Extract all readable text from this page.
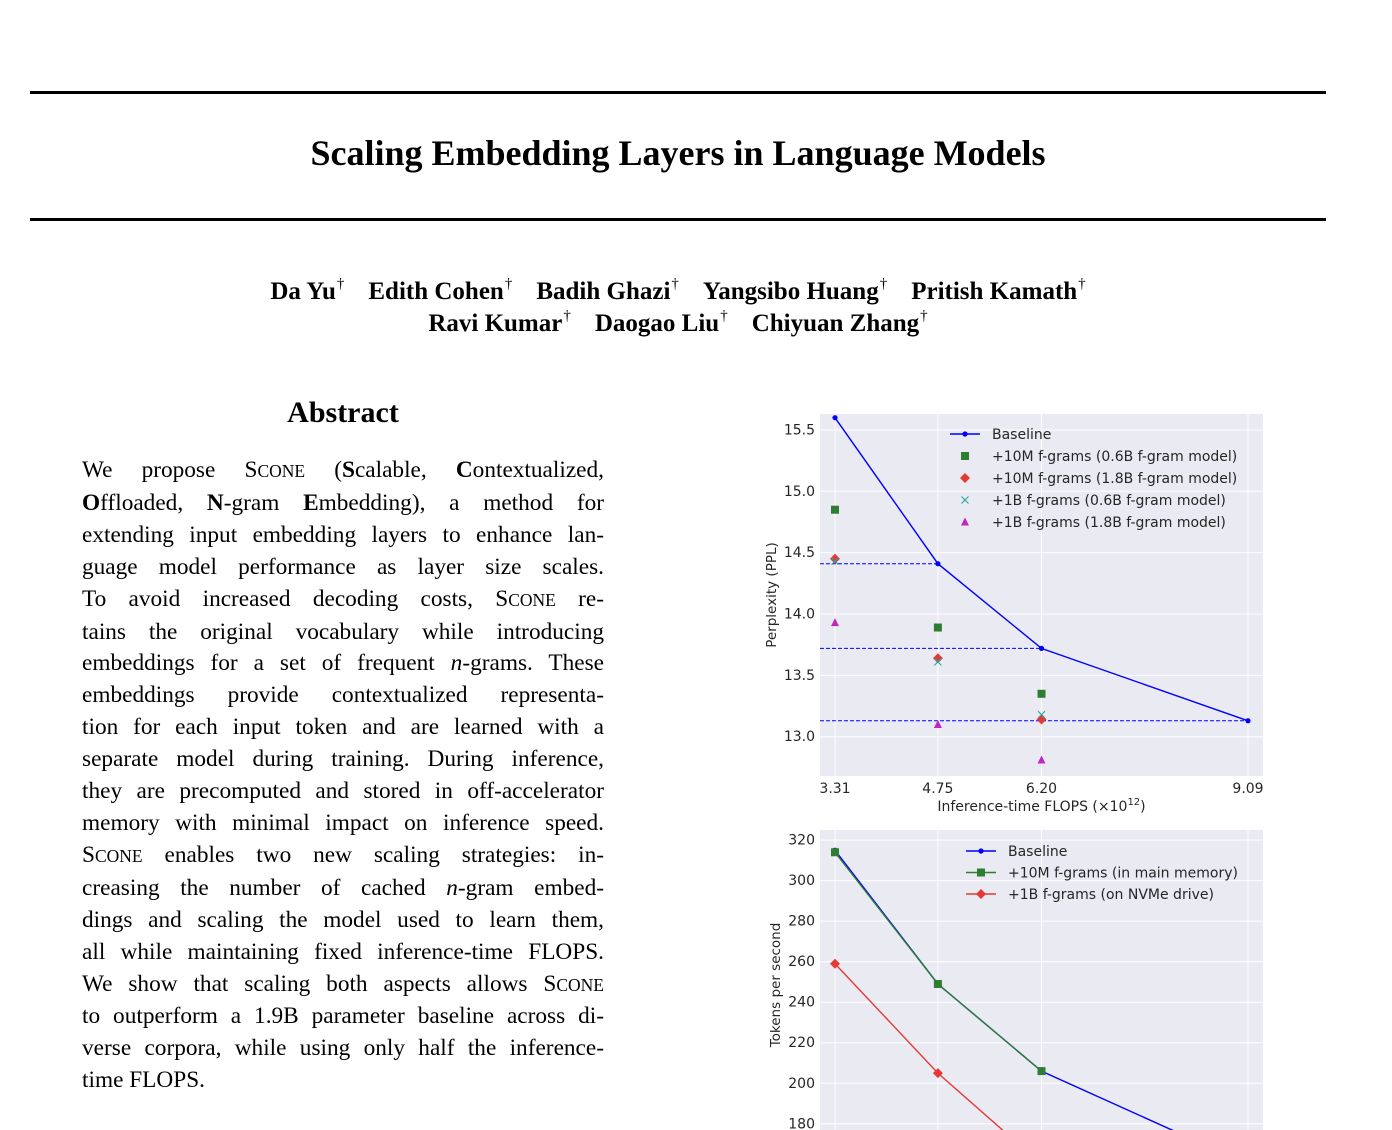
Scaling Embedding Layers in Language Models
Da Yu† Edith Cohen† Badih Ghazi† Yangsibo Huang† Pritish Kamath†
Ravi Kumar† Daogao Liu† Chiyuan Zhang†
Abstract
We propose SCONE (Scalable, Contextualized,
Offloaded, N-gram Embedding), a method for
extending input embedding layers to enhance lan-
guage model performance as layer size scales.
To avoid increased decoding costs, SCONE re-
tains the original vocabulary while introducing
embeddings for a set of frequent n-grams. These
embeddings provide contextualized representa-
tion for each input token and are learned with a
separate model during training. During inference,
they are precomputed and stored in off-accelerator
memory with minimal impact on inference speed.
SCONE enables two new scaling strategies: in-
creasing the number of cached n-gram embed-
dings and scaling the model used to learn them,
all while maintaining fixed inference-time FLOPS.
We show that scaling both aspects allows SCONE
to outperform a 1.9B parameter baseline across di-
verse corpora, while using only half the inference-
time FLOPS.
13.0
13.5
14.0
14.5
15.0
15.5
3.31	4.75	6.20	9.09
Perplexity (PPL)
Inference-time FLOPS $(\times 10^{12})$
Baseline
+10M f-grams (0.6B f-gram model)
+10M f-grams (1.8B f-gram model)
+1B f-grams (0.6B f-gram model)
+1B f-grams (1.8B f-gram model)
180
200
220
240
260
280
300
320
Tokens per second
Baseline
+10M f-grams (in main memory)
+1B f-grams (on NVMe drive)
